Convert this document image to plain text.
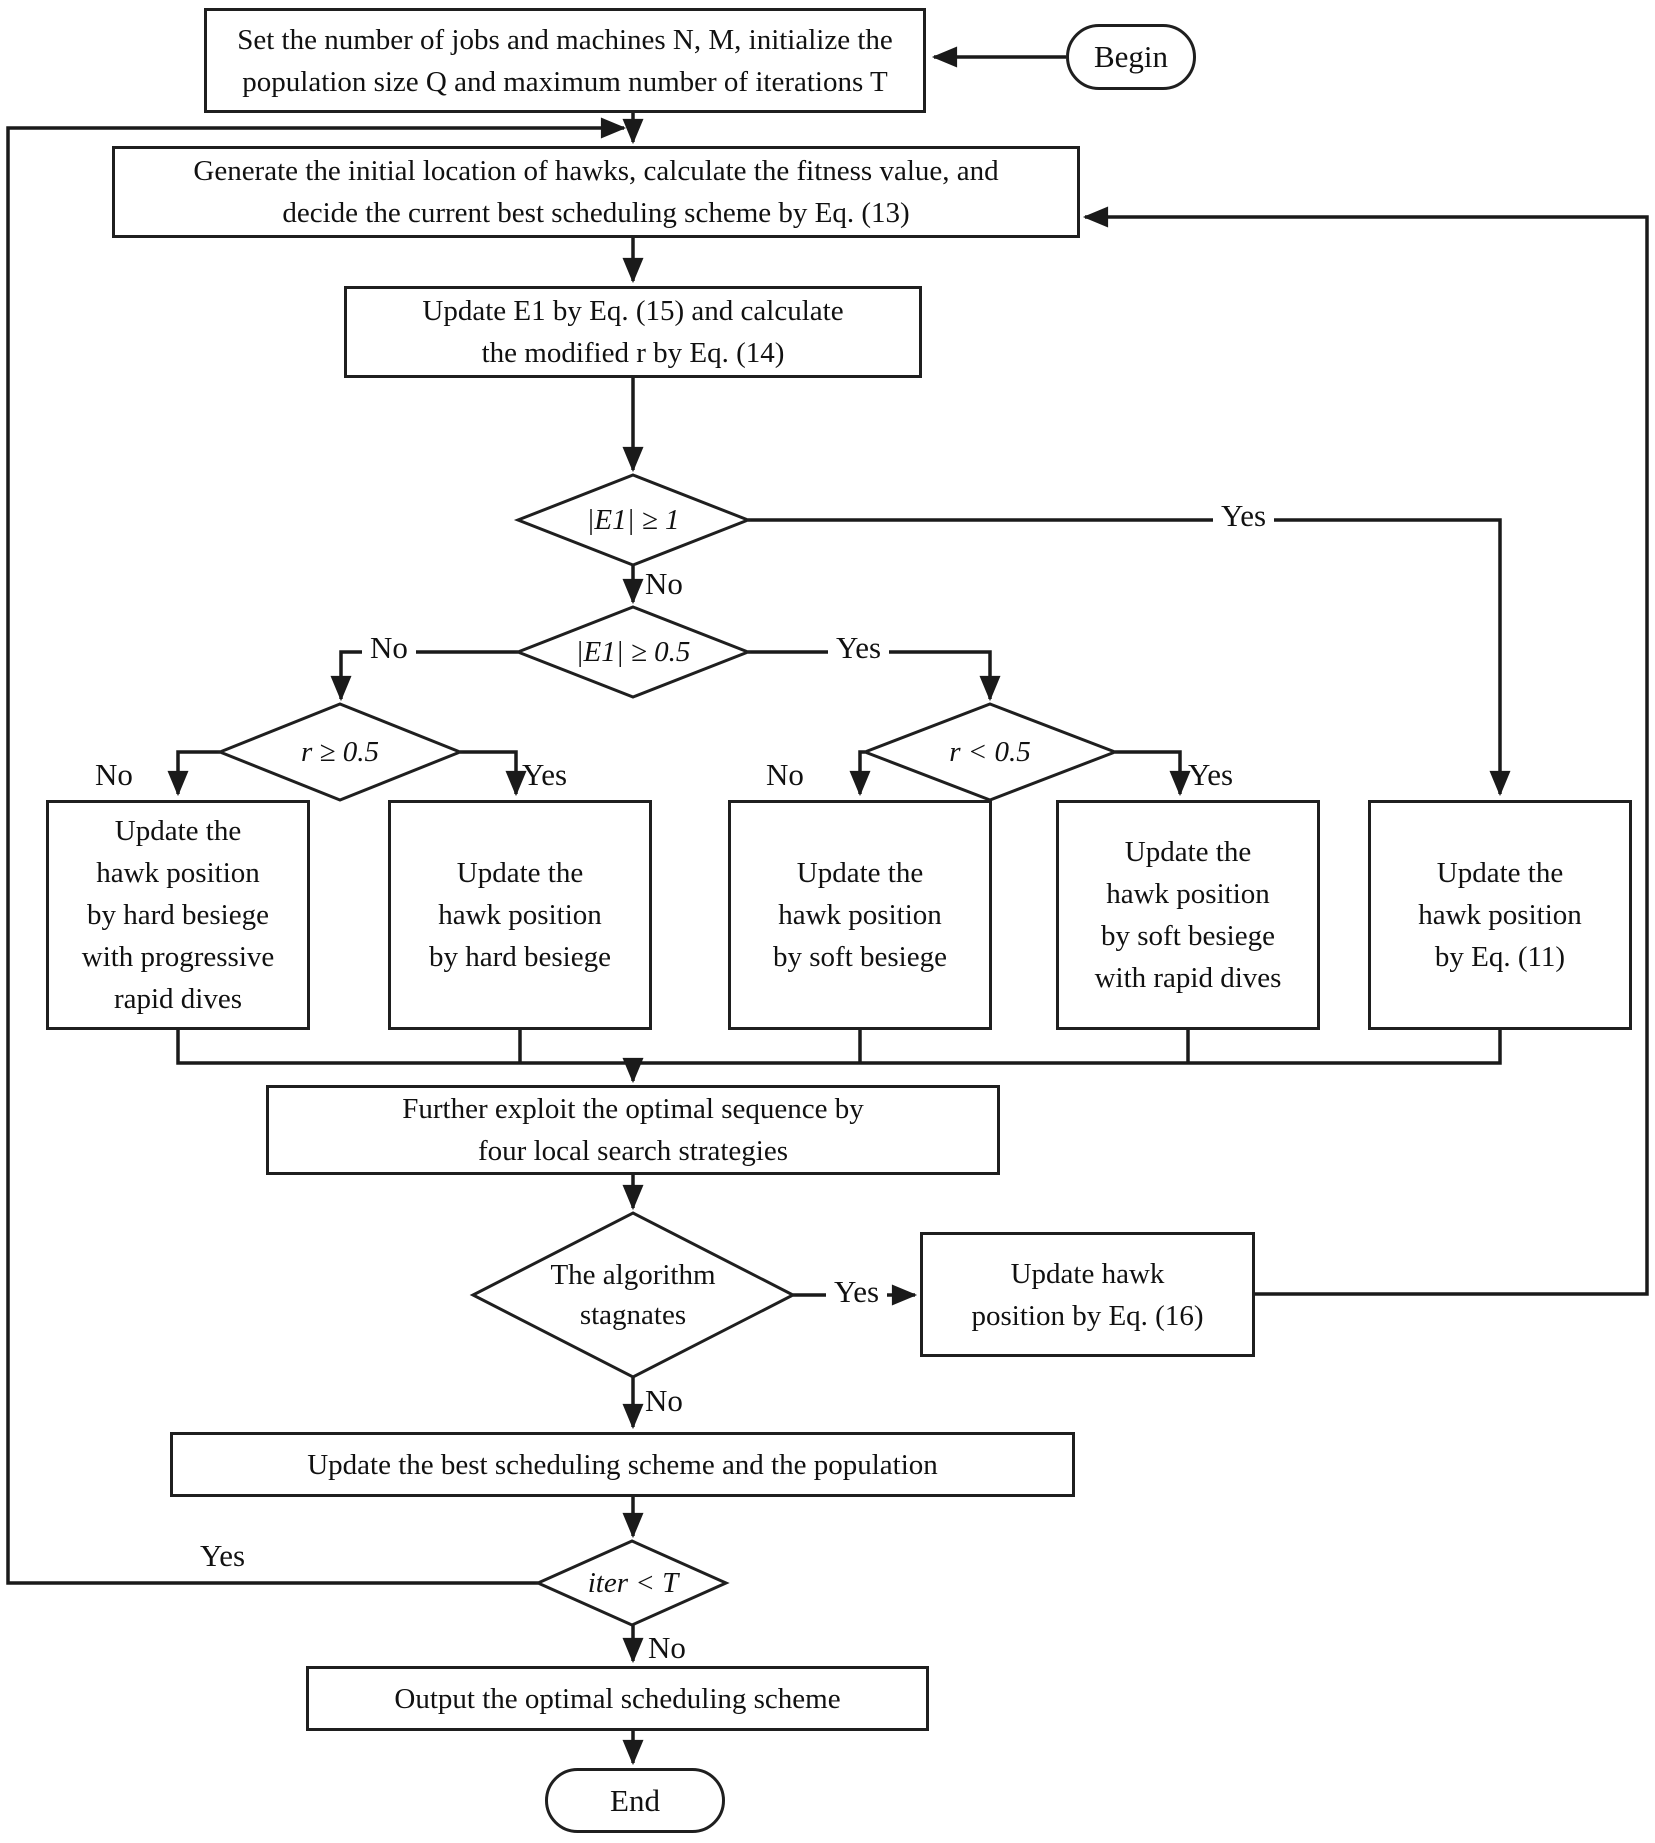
Set the number of jobs and machines N, M, initialize the
population size Q and maximum number of iterations T
Begin
Generate the initial location of hawks, calculate the fitness value, and
decide the current best scheduling scheme by Eq. (13)
Update E1 by Eq. (15) and calculate
the modified r by Eq. (14)
|E1| ≥ 1
|E1| ≥ 0.5
r ≥ 0.5	r < 0.5
The algorithm
stagnates
iter < T
Update the
hawk position
by hard besiege
with progressive
rapid dives
Update the
hawk position
by hard besiege
Update the
hawk position
by soft besiege
Update the
hawk position
by soft besiege
with rapid dives
Update the
hawk position
by Eq. (11)
Further exploit the optimal sequence by
four local search strategies
Update hawk
position by Eq. (16)
Update the best scheduling scheme and the population
Output the optimal scheduling scheme
End
No
Yes
No	Yes
No	Yes	No	Yes
Yes
No
Yes
No
